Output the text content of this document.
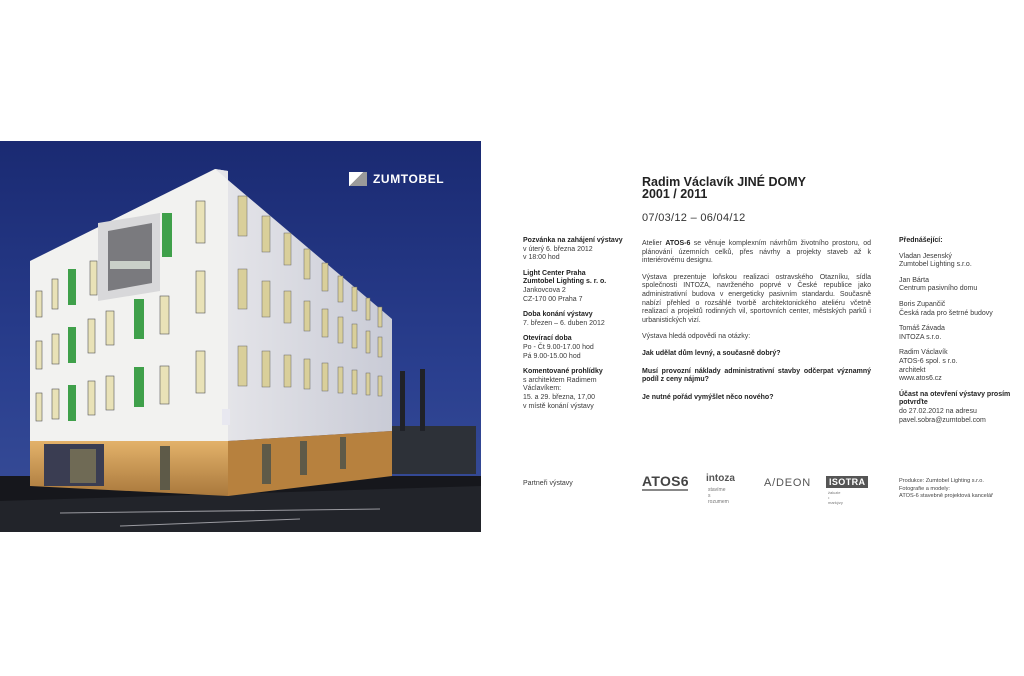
ZUMTOBEL	Radim Václavík JINÉ DOMY
2001 / 2011
07/03/12 – 06/04/12
Pozvánka na zahájení výstavy
v úterý 6. března 2012
v 18:00 hod
Light Center Praha
Zumtobel Lighting s. r. o.
Jankovcova 2
CZ-170 00 Praha 7
Doba konání výstavy
7. březen – 6. duben 2012
Otevírací doba
Po - Čt 9.00-17.00 hod
Pá 9.00-15.00 hod
Komentované prohlídky
s architektem Radimem
Václavíkem:
15. a 29. března, 17,00
v místě konání výstavy

Atelier ATOS-6 se věnuje komplexním návrhům životního prostoru, od plánování územních celků, přes návrhy a projekty staveb až k interiérovému designu.

Výstava prezentuje loňskou realizaci ostravského Otazníku, sídla společnosti INTOZA, navrženého poprvé v České republice jako administrativní budova v energeticky pasivním standardu. Současně nabízí přehled o rozsáhlé tvorbě architektonického ateliéru včetně realizací a projektů rodinných vil, sportovních center, městských parků i urbanistických vizí.

Výstava hledá odpovědi na otázky:

Jak udělat dům levný, a současně dobrý?

Musí provozní náklady administrativní stavby odčerpat významný podíl z ceny nájmu?

Je nutné pořád vymýšlet něco nového?

Přednášející:
Vladan Jesenský
Zumtobel Lighting s.r.o.
Jan Bárta
Centrum pasivního domu
Boris Zupančič
Česká rada pro šetrné budovy
Tomáš Závada
INTOZA s.r.o.
Radim Václavík
ATOS-6 spol. s r.o.
architekt
www.atos6.cz
Účast na otevření výstavy prosím potvrďte
do 27.02.2012 na adresu
pavel.sobra@zumtobel.com
Partneři výstavy	ATOS6 intoza
stavíme s rozumem
A/DEON	ISOTRA
žaluzie • markýzy
Produkce: Zumtobel Lighting s.r.o.
Fotografie a modely:
ATOS-6 stavebně projektová kancelář
